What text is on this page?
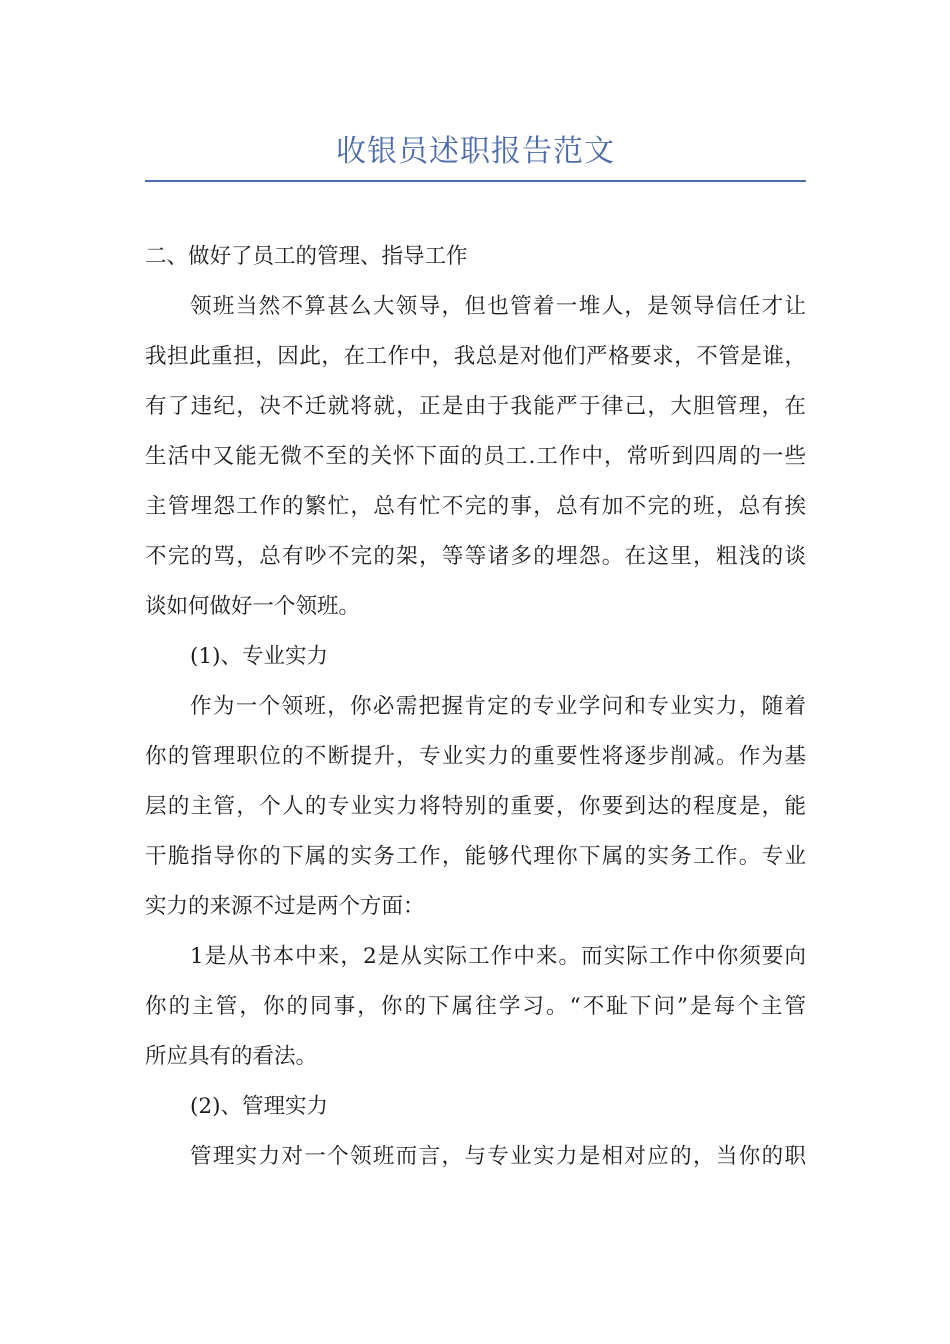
收银员述职报告范文
二、做好了员工的管理、指导工作
领班当然不算甚么大领导，但也管着一堆人，是领导信任才让
我担此重担，因此，在工作中，我总是对他们严格要求，不管是谁，
有了违纪，决不迁就将就，正是由于我能严于律己，大胆管理，在
生活中又能无微不至的关怀下面的员工.工作中，常听到四周的一些
主管埋怨工作的繁忙，总有忙不完的事，总有加不完的班，总有挨
不完的骂，总有吵不完的架，等等诸多的埋怨。在这里，粗浅的谈
谈如何做好一个领班。
(1)、专业实力
作为一个领班，你必需把握肯定的专业学问和专业实力，随着
你的管理职位的不断提升，专业实力的重要性将逐步削减。作为基
层的主管，个人的专业实力将特别的重要，你要到达的程度是，能
干脆指导你的下属的实务工作，能够代理你下属的实务工作。专业
实力的来源不过是两个方面：
1是从书本中来，2是从实际工作中来。而实际工作中你须要向
你的主管，你的同事，你的下属往学习。“不耻下问”是每个主管
所应具有的看法。
(2)、管理实力
管理实力对一个领班而言，与专业实力是相对应的，当你的职
